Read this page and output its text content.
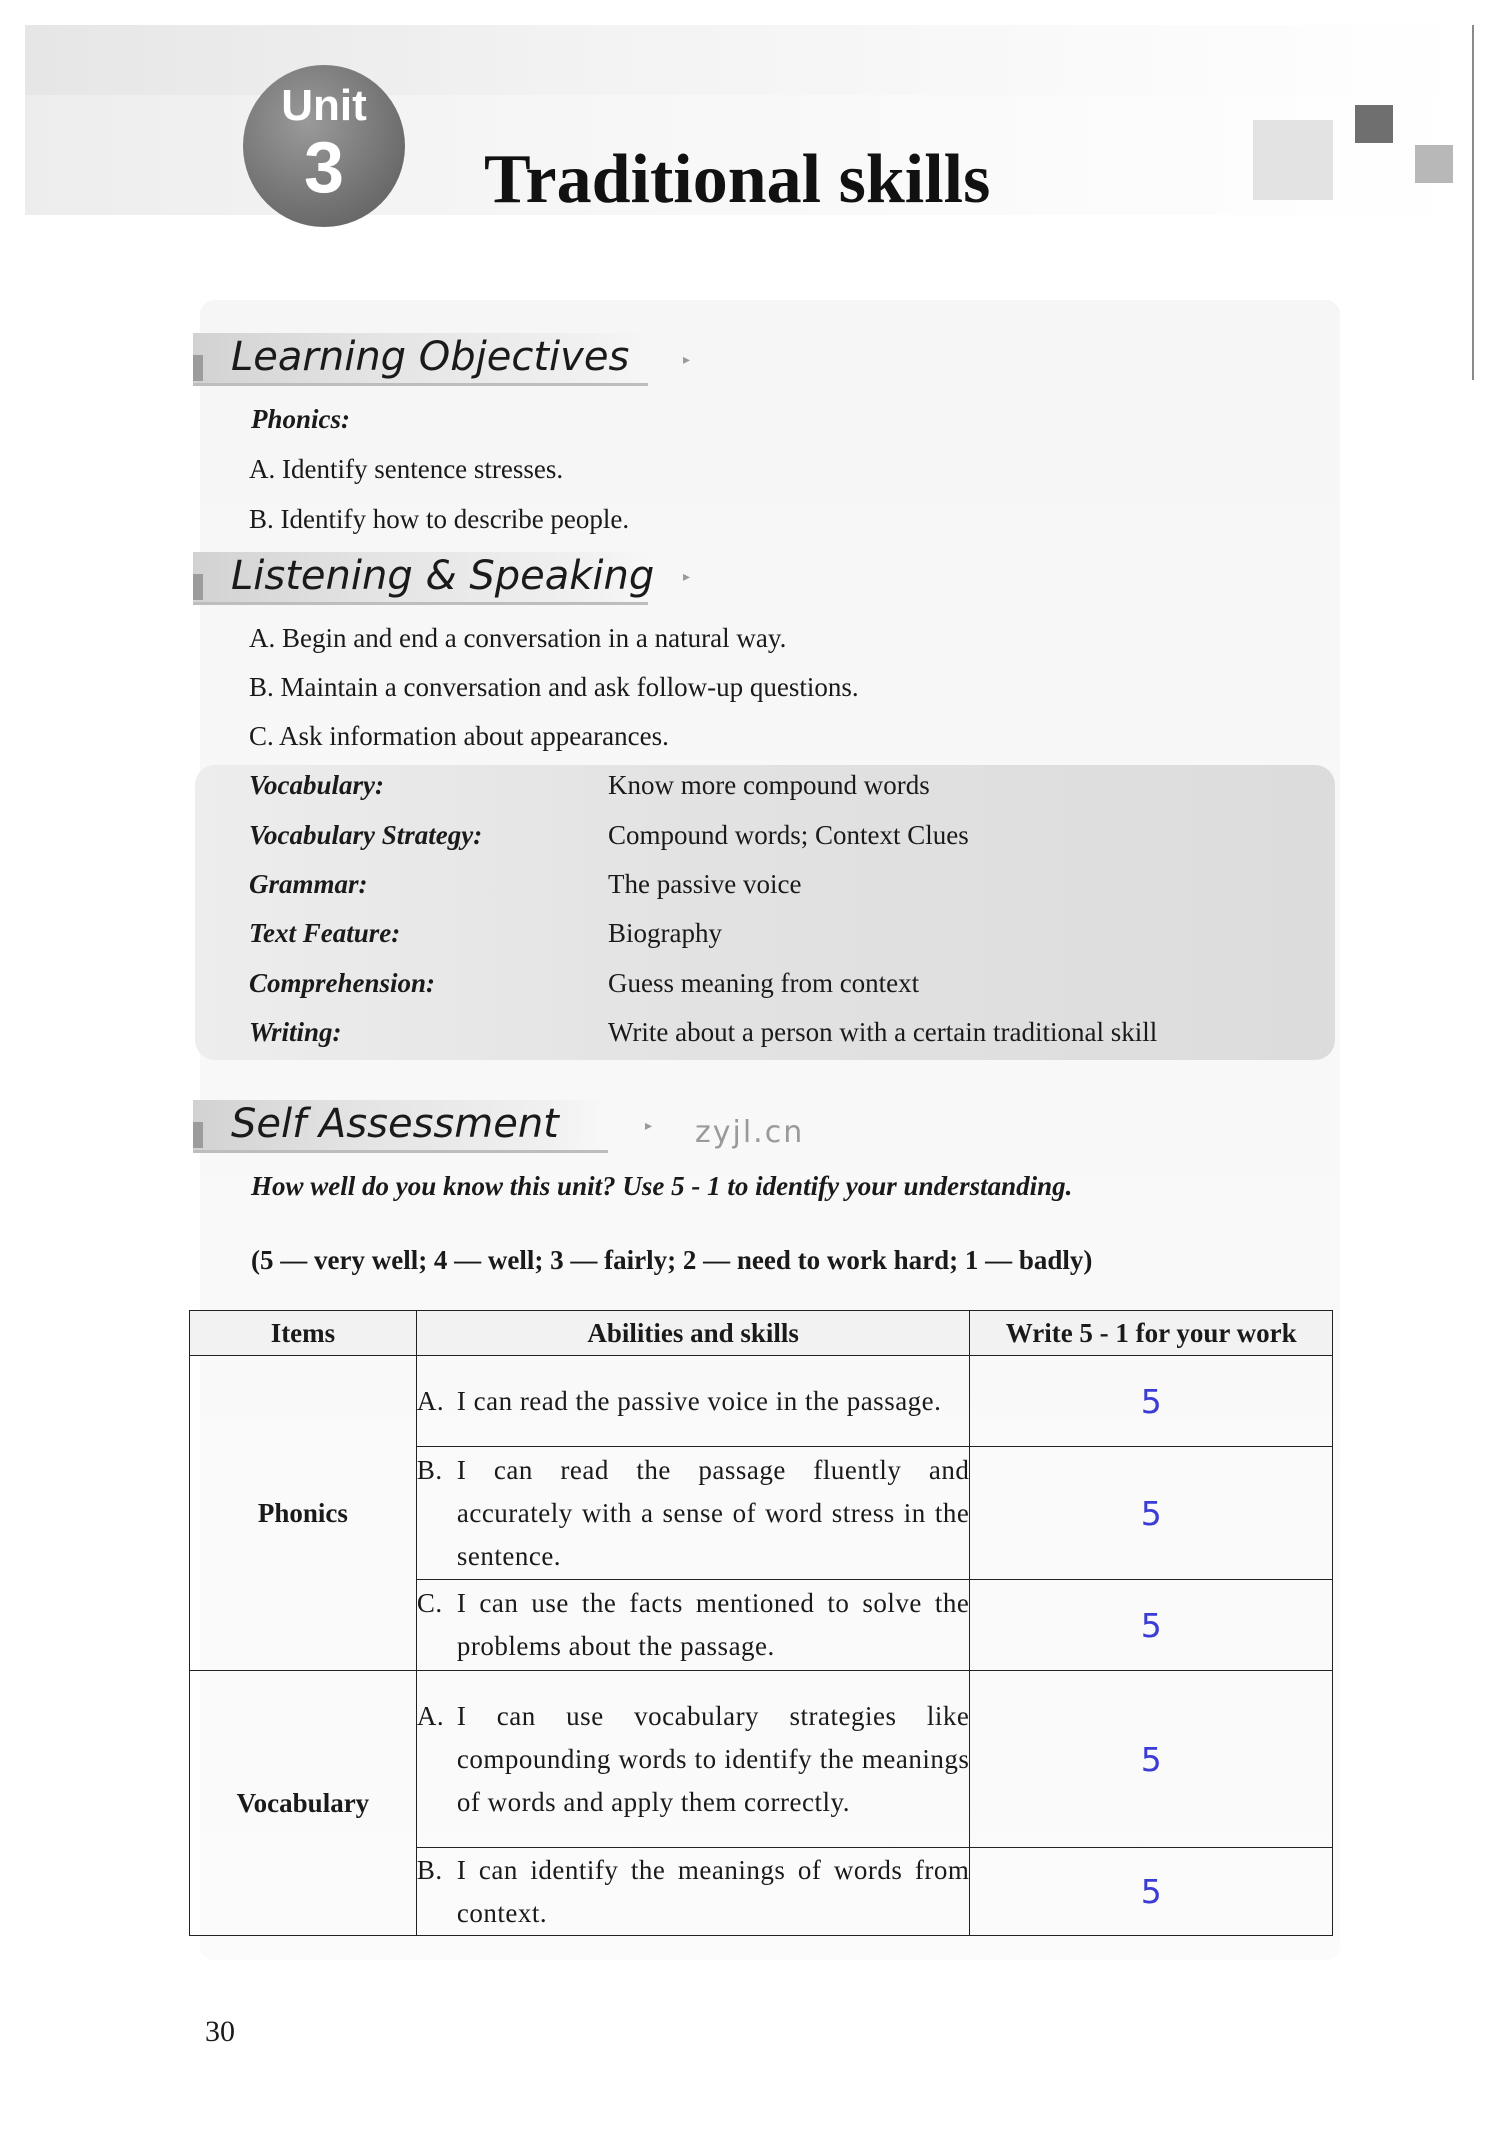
Unit
3	Traditional skills
Learning Objectives	▸
Phonics:
A. Identify sentence stresses.
B. Identify how to describe people.
Listening & Speaking ▸
A. Begin and end a conversation in a natural way.
B. Maintain a conversation and ask follow-up questions.
C. Ask information about appearances.
Vocabulary:	Know more compound words
Vocabulary Strategy:	Compound words; Context Clues
Grammar:	The passive voice
Text Feature:	Biography
Comprehension:	Guess meaning from context
Writing:	Write about a person with a certain traditional skill
Self Assessment	▸ zyjl.cn
How well do you know this unit? Use 5 - 1 to identify your understanding.
(5 — very well; 4 — well; 3 — fairly; 2 — need to work hard; 1 — badly)
Items	Abilities and skills	Write 5 - 1 for your work
Phonics	A. I can read the passive voice in the passage.	5

	B. I can read the passage fluently and accurately with a sense of word stress in the sentence.	5

	C. I can use the facts mentioned to solve the problems about the passage.	5
Vocabulary	A. I can use vocabulary strategies like compounding words to identify the meanings of words and apply them correctly.	5

	B. I can identify the meanings of words from context.	5
30
